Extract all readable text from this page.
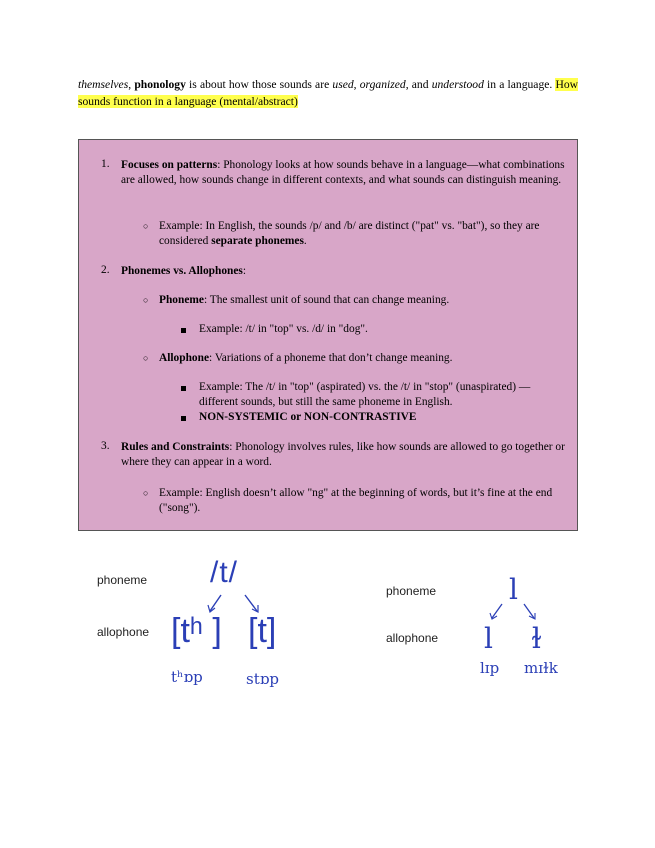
themselves, phonology is about how those sounds are used, organized, and understood in a language. How sounds function in a language (mental/abstract)
1. Focuses on patterns: Phonology looks at how sounds behave in a language—what combinations are allowed, how sounds change in different contexts, and what sounds can distinguish meaning.

○ Example: In English, the sounds /p/ and /b/ are distinct ("pat" vs. "bat"), so they are considered separate phonemes.

2. Phonemes vs. Allophones:

○ Phoneme: The smallest unit of sound that can change meaning.

Example: /t/ in "top" vs. /d/ in "dog".

○ Allophone: Variations of a phoneme that don’t change meaning.

Example: The /t/ in "top" (aspirated) vs. the /t/ in "stop" (unaspirated) — different sounds, but still the same phoneme in English.

NON-SYSTEMIC or NON-CONTRASTIVE

3. Rules and Constraints: Phonology involves rules, like how sounds are allowed to go together or where they can appear in a word.

○ Example: English doesn’t allow "ng" at the beginning of words, but it’s fine at the end ("song").

phoneme
allophone
/t/
[tʰ ] [t]
tʰɒp	stɒp
phoneme
allophone
l
l ɫ
lɪp mɪɫk
